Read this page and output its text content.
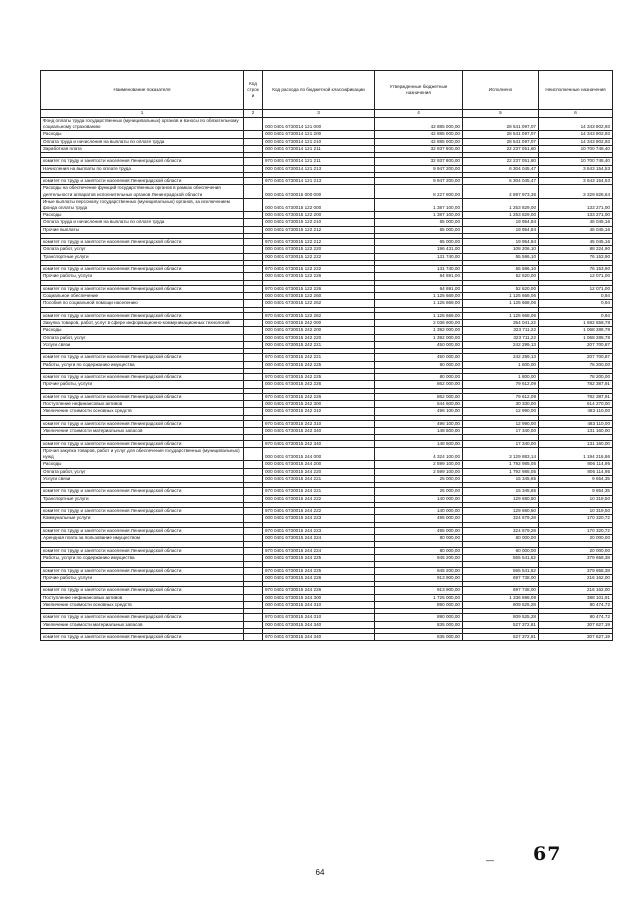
Наименование показателя	Код строк и	Код расхода по бюджетной классификации	Утвержденные бюджетные назначения	Исполнено	Неисполненные назначения
1	2	3	4	5	6
Фонд оплаты труда государственных (муниципальных) органов и взносы по обязательному социальному страхованию		000 0401 6730014 121 000	42 885 000,00	28 541 097,07	14 343 902,93
Расходы		000 0401 6730014 121 200	42 885 000,00	28 541 097,07	14 343 902,93
Оплата труда и начисления на выплаты по оплате труда		000 0401 6730014 121 210	42 885 000,00	28 541 097,07	14 343 902,93
Заработная плата		000 0401 6730014 121 211	32 937 800,00	22 237 051,60	10 700 748,40

комитет по труду и занятости населения Ленинградской области		970 0401 6730014 121 211	32 937 800,00	22 237 051,60	10 700 748,40
Начисления на выплаты по оплате труда		000 0401 6730014 121 213	9 947 200,00	6 304 045,47	3 643 154,53

комитет по труду и занятости населения Ленинградской области		970 0401 6730014 121 213	9 947 200,00	6 304 045,47	3 643 154,53
Расходы на обеспечение функций государственных органов в рамках обеспечения деятельности аппаратов исполнительных органов Ленинградской области		000 0401 6730015 000 000	8 227 800,00	4 897 973,36	3 329 826,64
Иные выплаты персоналу государственных (муниципальных) органов, за исключением фонда оплаты труда		000 0401 6730015 122 000	1 387 100,00	1 253 829,00	133 271,00
Расходы		000 0401 6730015 122 200	1 387 100,00	1 253 829,00	133 271,00
Оплата труда и начисления на выплаты по оплате труда		000 0401 6730015 122 210	65 000,00	19 954,84	45 045,16
Прочие выплаты		000 0401 6730015 122 212	65 000,00	19 954,84	45 045,16

комитет по труду и занятости населения Ленинградской области		970 0401 6730015 122 212	65 000,00	19 954,84	45 045,16
Оплата работ, услуг		000 0401 6730015 122 220	196 431,00	108 206,10	88 224,90
Транспортные услуги		000 0401 6730015 122 222	131 740,00	55 586,10	76 153,90

комитет по труду и занятости населения Ленинградской области		970 0401 6730015 122 222	131 740,00	55 586,10	76 153,90
Прочие работы, услуги		000 0401 6730015 122 226	64 691,00	52 620,00	12 071,00

комитет по труду и занятости населения Ленинградской области		970 0401 6730015 122 226	64 691,00	52 620,00	12 071,00
Социальное обеспечение		000 0401 6730015 122 260	1 125 669,00	1 125 668,06	0,94
Пособия по социальной помощи населению		000 0401 6730015 122 262	1 125 669,00	1 125 668,06	0,94

комитет по труду и занятости населения Ленинградской области		970 0401 6730015 122 262	1 125 669,00	1 125 668,06	0,94
Закупка товаров, работ, услуг в сфере информационно-коммуникационных технологий		000 0401 6730015 242 000	2 036 600,00	354 041,22	1 682 558,78
Расходы		000 0401 6730015 242 200	1 392 000,00	323 711,22	1 068 288,78
Оплата работ, услуг		000 0401 6730015 242 220	1 392 000,00	323 711,22	1 068 288,78
Услуги связи		000 0401 6730015 242 221	450 000,00	242 299,13	207 700,87

комитет по труду и занятости населения Ленинградской области		970 0401 6730015 242 221	450 000,00	242 299,13	207 700,87
Работы, услуги по содержанию имущества		000 0401 6730015 242 225	80 000,00	1 800,00	78 200,00

комитет по труду и занятости населения Ленинградской области		970 0401 6730015 242 225	80 000,00	1 800,00	78 200,00
Прочие работы, услуги		000 0401 6730015 242 226	862 000,00	79 612,09	782 387,91

комитет по труду и занятости населения Ленинградской области		970 0401 6730015 242 226	862 000,00	79 612,09	782 387,91
Поступление нефинансовых активов		000 0401 6730015 242 300	644 600,00	30 330,00	614 270,00
Увеличение стоимости основных средств		000 0401 6730015 242 310	496 100,00	12 990,00	483 110,00

комитет по труду и занятости населения Ленинградской области		970 0401 6730015 242 310	496 100,00	12 990,00	483 110,00
Увеличение стоимости материальных запасов		000 0401 6730015 242 340	148 500,00	17 340,00	131 160,00

комитет по труду и занятости населения Ленинградской области		970 0401 6730015 242 340	148 500,00	17 340,00	131 160,00
Прочая закупка товаров, работ и услуг для обеспечения государственных (муниципальных) нужд		000 0401 6730015 244 000	4 324 100,00	3 129 883,14	1 194 216,86
Расходы		000 0401 6730015 244 200	2 599 100,00	1 792 985,05	806 114,95
Оплата работ, услуг		000 0401 6730015 244 220	2 599 100,00	1 792 985,05	806 114,95
Услуги связи		000 0401 6730015 244 221	25 000,00	15 345,65	9 654,35

комитет по труду и занятости населения Ленинградской области		970 0401 6730015 244 221	25 000,00	15 345,65	9 654,35
Транспортные услуги		000 0401 6730015 244 222	140 000,00	129 680,50	10 319,50

комитет по труду и занятости населения Ленинградской области		970 0401 6730015 244 222	140 000,00	129 680,50	10 319,50
Коммунальные услуги		000 0401 6730015 244 223	495 000,00	324 679,28	170 320,72

комитет по труду и занятости населения Ленинградской области		970 0401 6730015 244 223	495 000,00	324 679,28	170 320,72
Арендная плата за пользование имуществом		000 0401 6730015 244 224	80 000,00	60 000,00	20 000,00

комитет по труду и занятости населения Ленинградской области		970 0401 6730015 244 224	80 000,00	60 000,00	20 000,00
Работы, услуги по содержанию имущества		000 0401 6730015 244 225	945 200,00	565 541,62	379 658,38

комитет по труду и занятости населения Ленинградской области		970 0401 6730015 244 225	945 200,00	565 541,62	379 658,38
Прочие работы, услуги		000 0401 6730015 244 226	913 900,00	697 738,00	216 162,00

комитет по труду и занятости населения Ленинградской области		970 0401 6730015 244 226	913 900,00	697 738,00	216 162,00
Поступление нефинансовых активов		000 0401 6730015 244 300	1 725 000,00	1 336 898,09	388 101,91
Увеличение стоимости основных средств		000 0401 6730015 244 310	890 000,00	809 525,28	80 474,72

комитет по труду и занятости населения Ленинградской области		970 0401 6730015 244 310	890 000,00	809 525,28	80 474,72
Увеличение стоимости материальных запасов		000 0401 6730015 244 340	835 000,00	527 372,81	307 627,19

комитет по труду и занятости населения Ленинградской области		970 0401 6730015 244 340	835 000,00	527 372,81	307 627,19
— 67
64
